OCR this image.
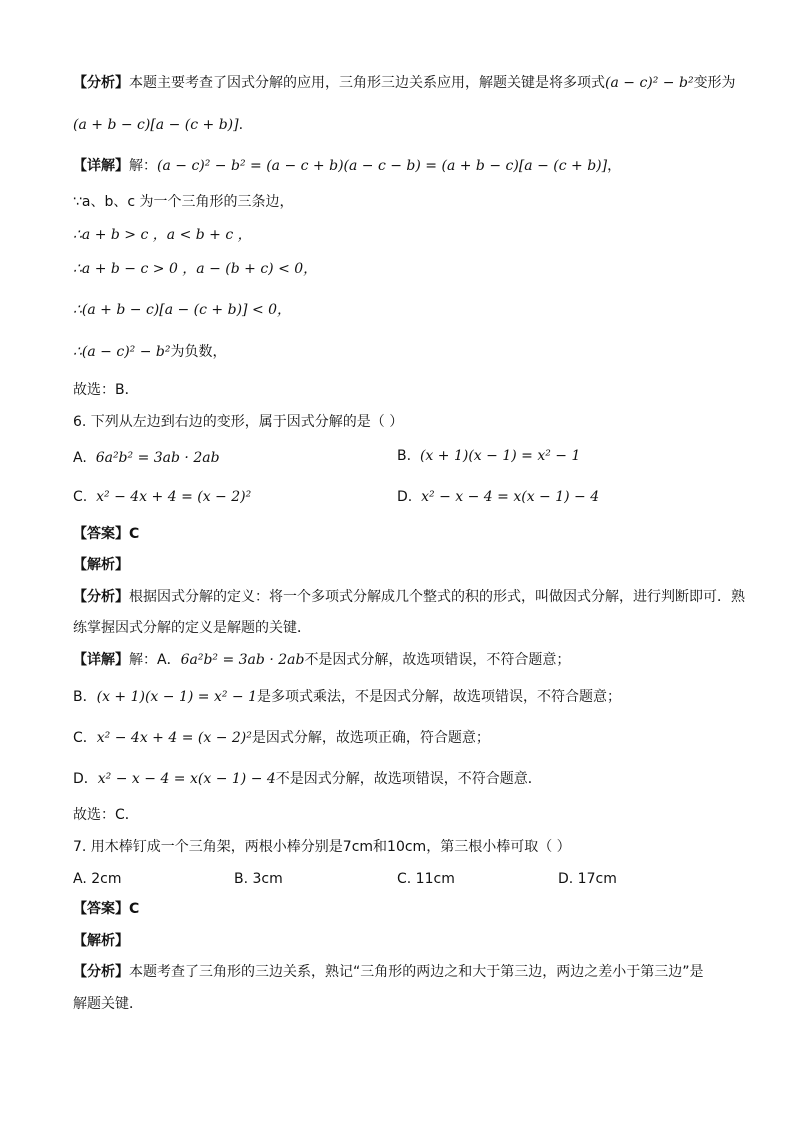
【分析】本题主要考查了因式分解的应用，三角形三边关系应用，解题关键是将多项式(a − c)² − b²变形为
(a + b − c)[a − (c + b)].
【详解】解：(a − c)² − b² = (a − c + b)(a − c − b) = (a + b − c)[a − (c + b)]，
∵a、b、c 为一个三角形的三条边，
∴a + b > c ，a < b + c ，
∴a + b − c > 0 ，a − (b + c) < 0，
∴(a + b − c)[a − (c + b)] < 0，
∴(a − c)² − b²为负数，
故选：B．
6. 下列从左边到右边的变形，属于因式分解的是（ ）
A. 6a²b² = 3ab · 2ab	B. (x + 1)(x − 1) = x² − 1
C. x² − 4x + 4 = (x − 2)²	D. x² − x − 4 = x(x − 1) − 4
【答案】C
【解析】
【分析】根据因式分解的定义：将一个多项式分解成几个整式的积的形式，叫做因式分解，进行判断即可．熟
练掌握因式分解的定义是解题的关键．
【详解】解：A．6a²b² = 3ab · 2ab不是因式分解，故选项错误，不符合题意；
B．(x + 1)(x − 1) = x² − 1是多项式乘法，不是因式分解，故选项错误，不符合题意；
C．x² − 4x + 4 = (x − 2)²是因式分解，故选项正确，符合题意；
D．x² − x − 4 = x(x − 1) − 4不是因式分解，故选项错误，不符合题意．
故选：C．
7. 用木棒钉成一个三角架，两根小棒分别是7cm和10cm，第三根小棒可取（ ）
A. 2cm	B. 3cm	C. 11cm	D. 17cm
【答案】C
【解析】
【分析】本题考查了三角形的三边关系，熟记“三角形的两边之和大于第三边，两边之差小于第三边”是
解题关键．
